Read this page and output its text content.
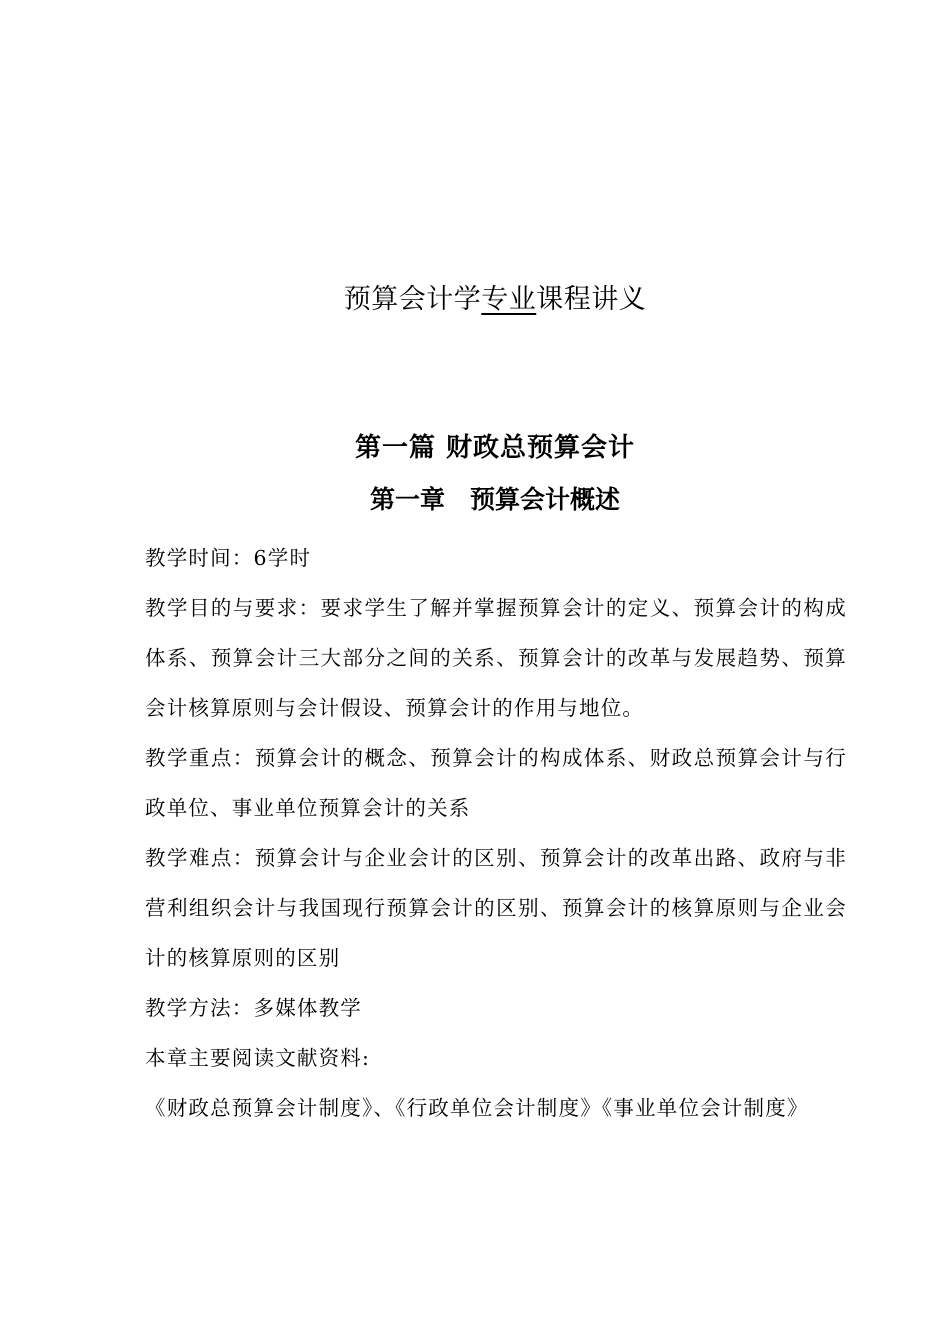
预算会计学专业课程讲义
第一篇 财政总预算会计
第一章　预算会计概述

教学时间：6学时

教学目的与要求：要求学生了解并掌握预算会计的定义、预算会计的构成体系、预算会计三大部分之间的关系、预算会计的改革与发展趋势、预算会计核算原则与会计假设、预算会计的作用与地位。

教学重点：预算会计的概念、预算会计的构成体系、财政总预算会计与行政单位、事业单位预算会计的关系

教学难点：预算会计与企业会计的区别、预算会计的改革出路、政府与非营利组织会计与我国现行预算会计的区别、预算会计的核算原则与企业会计的核算原则的区别

教学方法：多媒体教学

本章主要阅读文献资料:

《财政总预算会计制度》、《行政单位会计制度》《事业单位会计制度》
